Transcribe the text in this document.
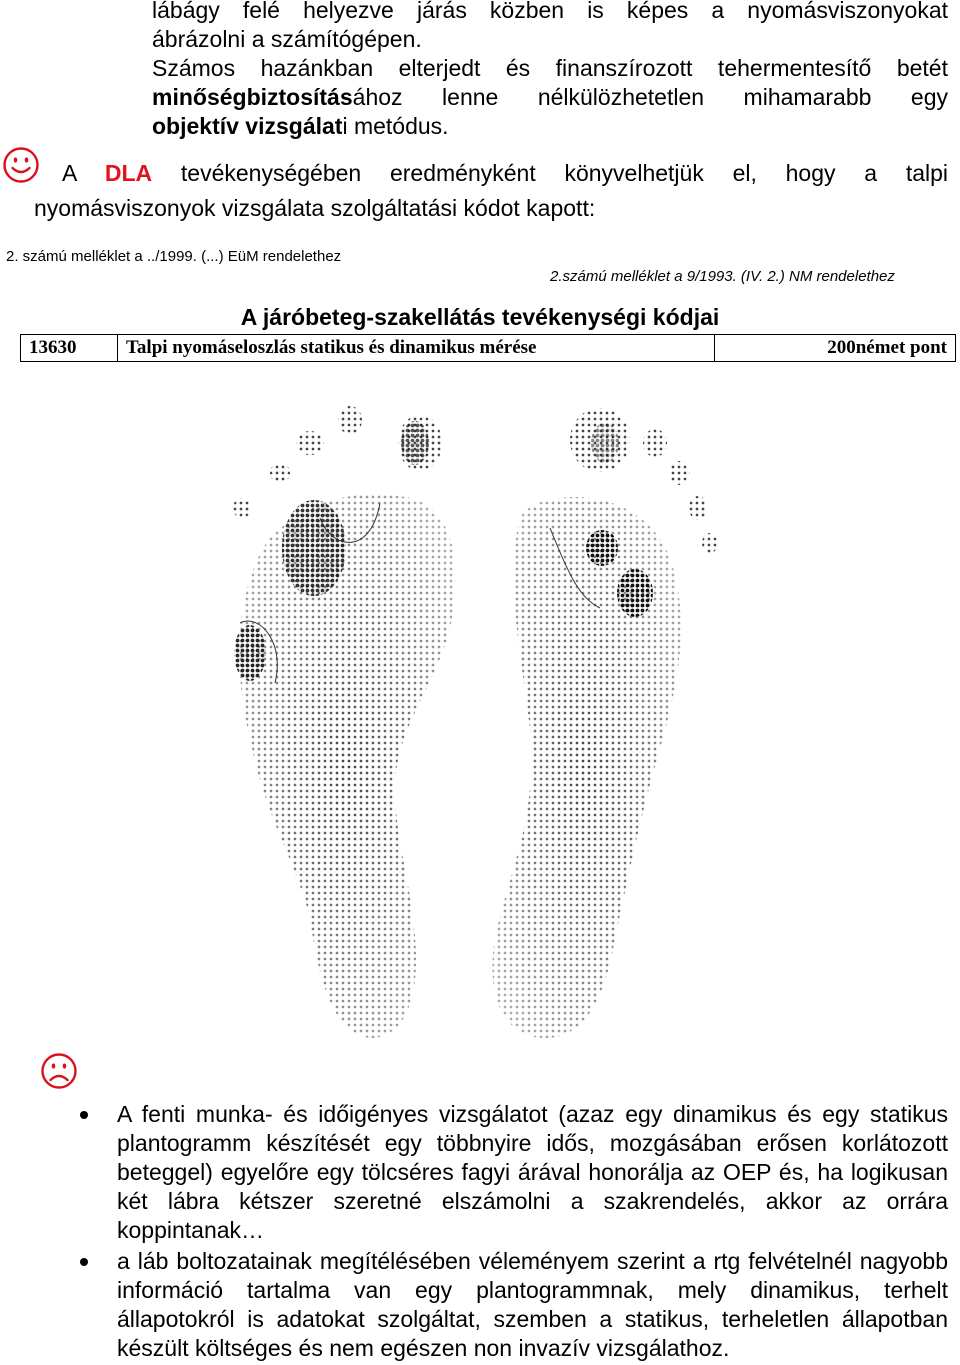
lábágy felé helyezve járás közben is képes a nyomásviszonyokat
ábrázolni a számítógépen.
Számos hazánkban elterjedt és finanszírozott tehermentesítő betét
minőségbiztosításához lenne nélkülözhetetlen mihamarabb egy
objektív vizsgálati metódus.
A DLA tevékenységében eredményként könyvelhetjük el, hogy a talpi
nyomásviszonyok vizsgálata szolgáltatási kódot kapott:
2. számú melléklet a ../1999. (...) EüM rendelethez
2.számú melléklet a 9/1993. (IV. 2.) NM rendelethez
A járóbeteg-szakellátás tevékenységi kódjai
13630	Talpi nyomáseloszlás statikus és dinamikus mérése	200német pont
A fenti munka- és időigényes vizsgálatot (azaz egy dinamikus és egy statikus plantogramm készítését egy többnyire idős, mozgásában erősen korlátozott beteggel) egyelőre egy tölcséres fagyi árával honorálja az OEP és, ha logikusan két lábra kétszer szeretné elszámolni a szakrendelés, akkor az orrára koppintanak…
a láb boltozatainak megítélésében véleményem szerint a rtg felvételnél nagyobb információ tartalma van egy plantogrammnak, mely dinamikus, terhelt állapotokról is adatokat szolgáltat, szemben a statikus, terheletlen állapotban készült költséges és nem egészen non invazív vizsgálathoz.
